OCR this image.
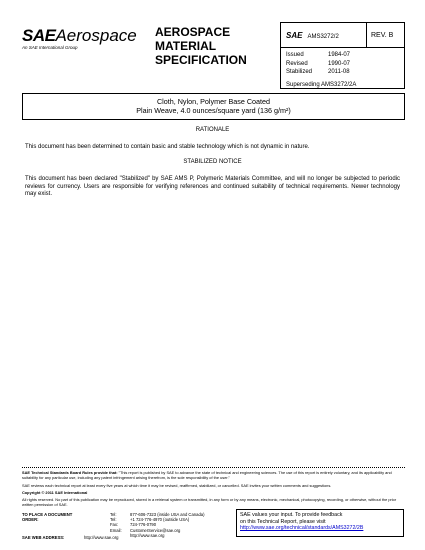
SAEAerospace
An SAE International Group
AEROSPACE
MATERIAL
SPECIFICATION
SAE AMS3272/2	REV. B
Issued	1984-07
Revised	1990-07
Stabilized	2011-08
Superseding AMS3272/2A
Cloth, Nylon, Polymer Base Coated
Plain Weave, 4.0 ounces/square yard (136 g/m²)
RATIONALE
This document has been determined to contain basic and stable technology which is not dynamic in nature.
STABILIZED NOTICE
This document has been declared "Stabilized" by SAE AMS P, Polymeric Materials Committee, and will no longer be subjected to periodic reviews for currency. Users are responsible for verifying references and continued suitability of technical requirements. Newer technology may exist.
SAE Technical Standards Board Rules provide that: "This report is published by SAE to advance the state of technical and engineering sciences. The use of this report is entirely voluntary, and its applicability and suitability for any particular use, including any patent infringement arising therefrom, is the sole responsibility of the user."
SAE reviews each technical report at least every five years at which time it may be revised, reaffirmed, stabilized, or cancelled. SAE invites your written comments and suggestions.
Copyright © 2011 SAE International
All rights reserved. No part of this publication may be reproduced, stored in a retrieval system or transmitted, in any form or by any means, electronic, mechanical, photocopying, recording, or otherwise, without the prior written permission of SAE.
TO PLACE A DOCUMENT ORDER:
Tel:	877-606-7323 (inside USA and Canada)
Tel:	+1 724-776-4970 (outside USA)
Fax:	724-776-0790
Email:	CustomerService@sae.org
http://www.sae.org
SAE values your input. To provide feedback
on this Technical Report, please visit
http://www.sae.org/technical/standards/AMS3272/2B
SAE WEB ADDRESS:	http://www.sae.org
